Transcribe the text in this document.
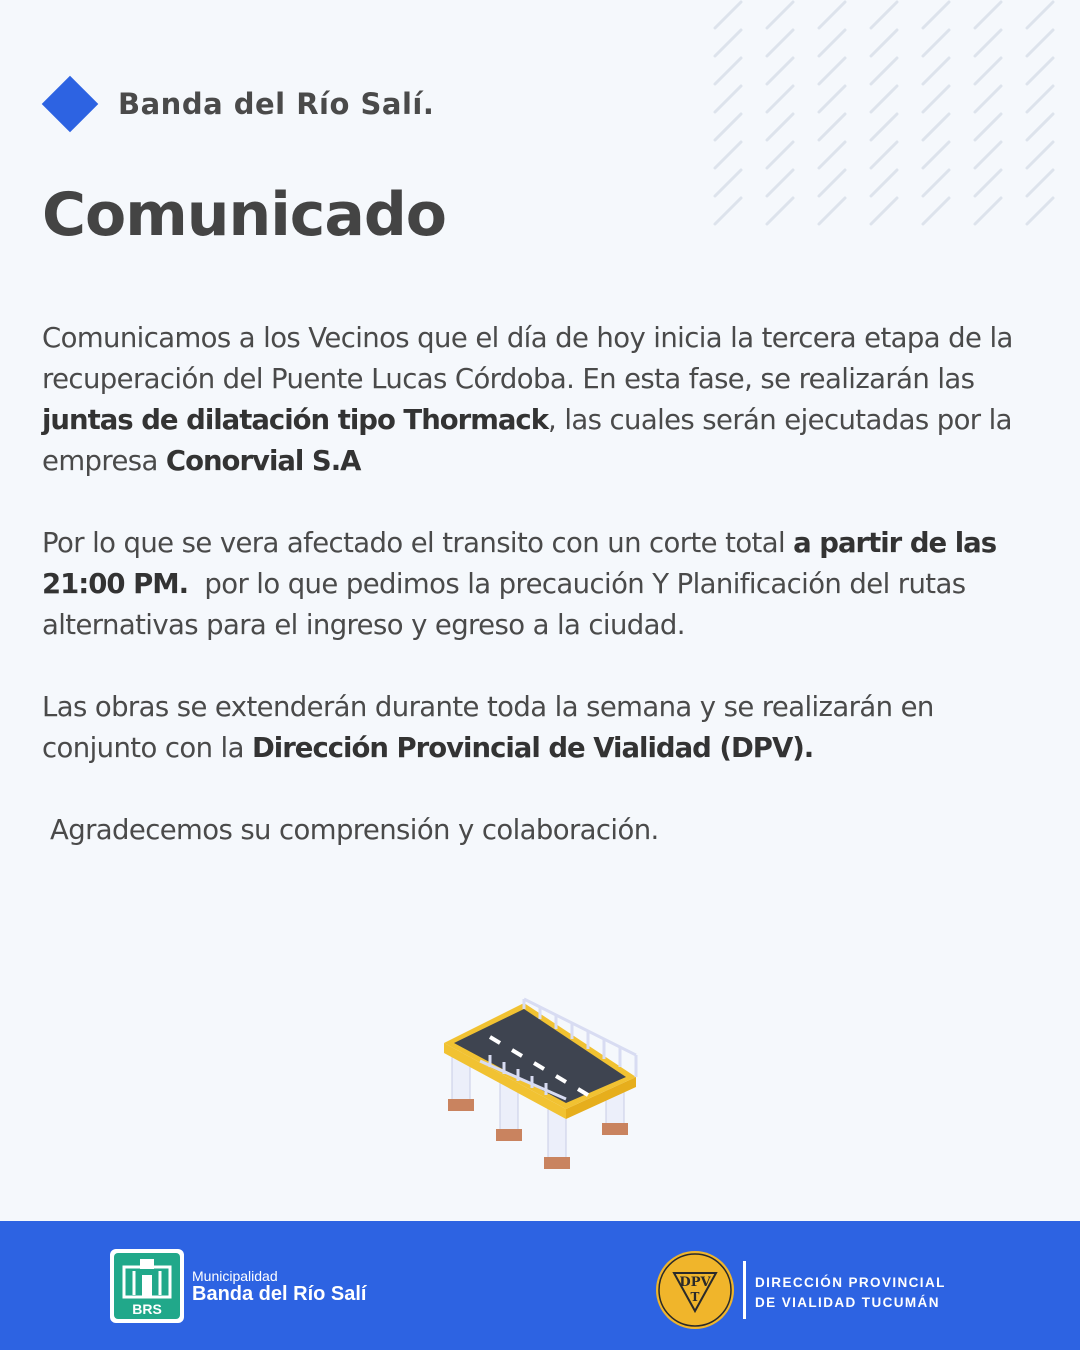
Banda del Río Salí.
Comunicado

Comunicamos a los Vecinos que el día de hoy inicia la tercera etapa de la recuperación del Puente Lucas Córdoba. En esta fase, se realizarán las juntas de dilatación tipo Thormack, las cuales serán ejecutadas por la empresa Conorvial S.A

Por lo que se vera afectado el transito con un corte total a partir de las 21:00 PM.  por lo que pedimos la precaución Y Planificación del rutas alternativas para el ingreso y egreso a la ciudad.

Las obras se extenderán durante toda la semana y se realizarán en conjunto con la Dirección Provincial de Vialidad (DPV).

Agradecemos su comprensión y colaboración.

BRS
Municipalidad
Banda del Río Salí
DPV
T
DIRECCIÓN PROVINCIAL
DE VIALIDAD TUCUMÁN
